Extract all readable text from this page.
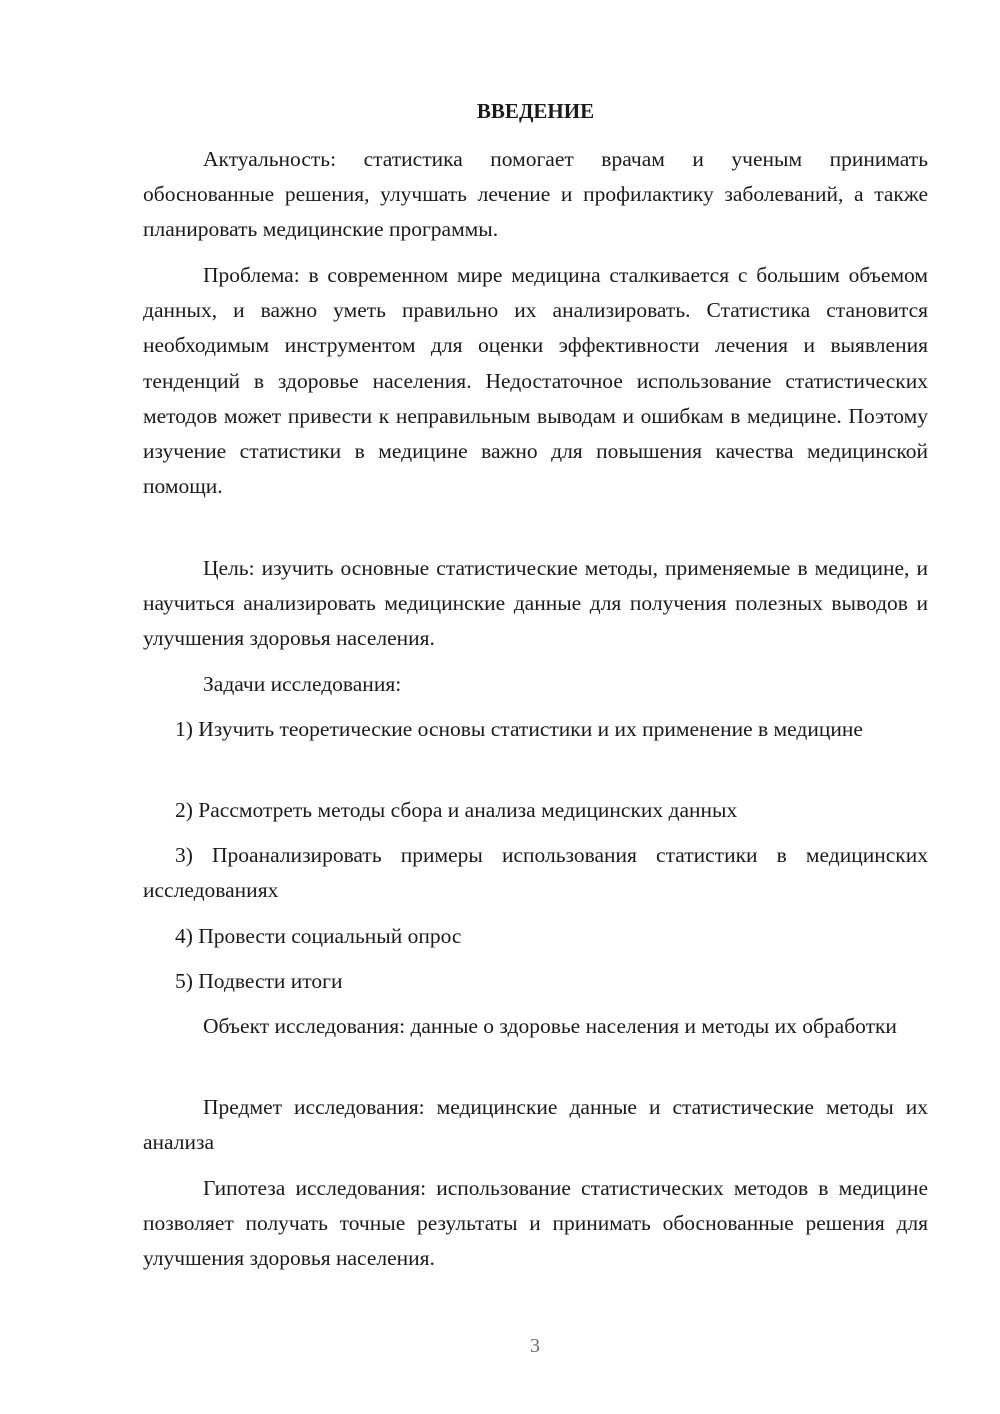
ВВЕДЕНИЕ

Актуальность: статистика помогает врачам и ученым принимать обоснованные решения, улучшать лечение и профилактику заболеваний, а также планировать медицинские программы.

Проблема: в современном мире медицина сталкивается с большим объемом данных, и важно уметь правильно их анализировать. Статистика становится необходимым инструментом для оценки эффективности лечения и выявления тенденций в здоровье населения. Недостаточное использование статистических методов может привести к неправильным выводам и ошибкам в медицине. Поэтому изучение статистики в медицине важно для повышения качества медицинской помощи.

Цель: изучить основные статистические методы, применяемые в медицине, и научиться анализировать медицинские данные для получения полезных выводов и улучшения здоровья населения.

Задачи исследования:

1) Изучить теоретические основы статистики и их применение в медицине

2) Рассмотреть методы сбора и анализа медицинских данных

3) Проанализировать примеры использования статистики в медицинских исследованиях

4) Провести социальный опрос

5) Подвести итоги

Объект исследования: данные о здоровье населения и методы их обработки

Предмет исследования: медицинские данные и статистические методы их анализа

Гипотеза исследования: использование статистических методов в медицине позволяет получать точные результаты и принимать обоснованные решения для улучшения здоровья населения.

3
